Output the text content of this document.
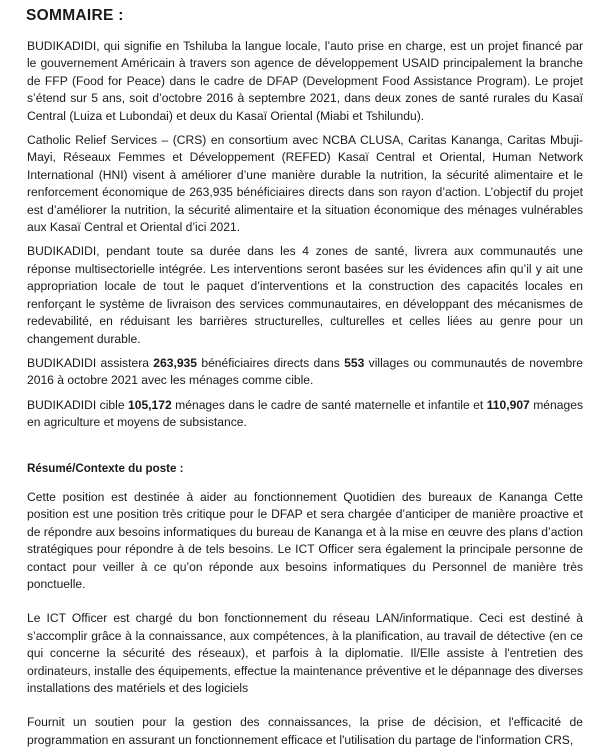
SOMMAIRE :

BUDIKADIDI, qui signifie en Tshiluba la langue locale, l’auto prise en charge, est un projet financé par le gouvernement Américain à travers son agence de développement USAID principalement la branche de FFP (Food for Peace) dans le cadre de DFAP (Development Food Assistance Program). Le projet s’étend sur 5 ans, soit d’octobre 2016 à septembre 2021, dans deux zones de santé rurales du Kasaï Central (Luiza et Lubondai) et deux du Kasaï Oriental (Miabi et Tshilundu).

Catholic Relief Services – (CRS) en consortium avec NCBA CLUSA, Caritas Kananga, Caritas Mbuji-Mayi, Réseaux Femmes et Développement (REFED) Kasaï Central et Oriental, Human Network International (HNI) visent à améliorer d’une manière durable la nutrition, la sécurité alimentaire et le renforcement économique de 263,935 bénéficiaires directs dans son rayon d’action. L’objectif du projet est d’améliorer la nutrition, la sécurité alimentaire et la situation économique des ménages vulnérables aux Kasaï Central et Oriental d’ici 2021.

BUDIKADIDI, pendant toute sa durée dans les 4 zones de santé, livrera aux communautés une réponse multisectorielle intégrée. Les interventions seront basées sur les évidences afin qu’il y ait une appropriation locale de tout le paquet d’interventions et la construction des capacités locales en renforçant le système de livraison des services communautaires, en développant des mécanismes de redevabilité, en réduisant les barrières structurelles, culturelles et celles liées au genre pour un changement durable.

BUDIKADIDI assistera 263,935 bénéficiaires directs dans 553 villages ou communautés de novembre 2016 à octobre 2021 avec les ménages comme cible.

BUDIKADIDI cible 105,172 ménages dans le cadre de santé maternelle et infantile et 110,907 ménages en agriculture et moyens de subsistance.

Résumé/Contexte du poste :

Cette position est destinée à aider au fonctionnement Quotidien des bureaux de Kananga Cette position est une position très critique pour le DFAP et sera chargée d’anticiper de manière proactive et de répondre aux besoins informatiques du bureau de Kananga et à la mise en œuvre des plans d’action stratégiques pour répondre à de tels besoins. Le ICT Officer sera également la principale personne de contact pour veiller à ce qu’on réponde aux besoins informatiques du Personnel de manière très ponctuelle.

Le ICT Officer est chargé du bon fonctionnement du réseau LAN/informatique. Ceci est destiné à s’accomplir grâce à la connaissance, aux compétences, à la planification, au travail de détective (en ce qui concerne la sécurité des réseaux), et parfois à la diplomatie. Il/Elle assiste à l'entretien des ordinateurs, installe des équipements, effectue la maintenance préventive et le dépannage des diverses installations des matériels et des logiciels

Fournit un soutien pour la gestion des connaissances, la prise de décision, et l'efficacité de programmation en assurant un fonctionnement efficace et l'utilisation du partage de l'information CRS,
